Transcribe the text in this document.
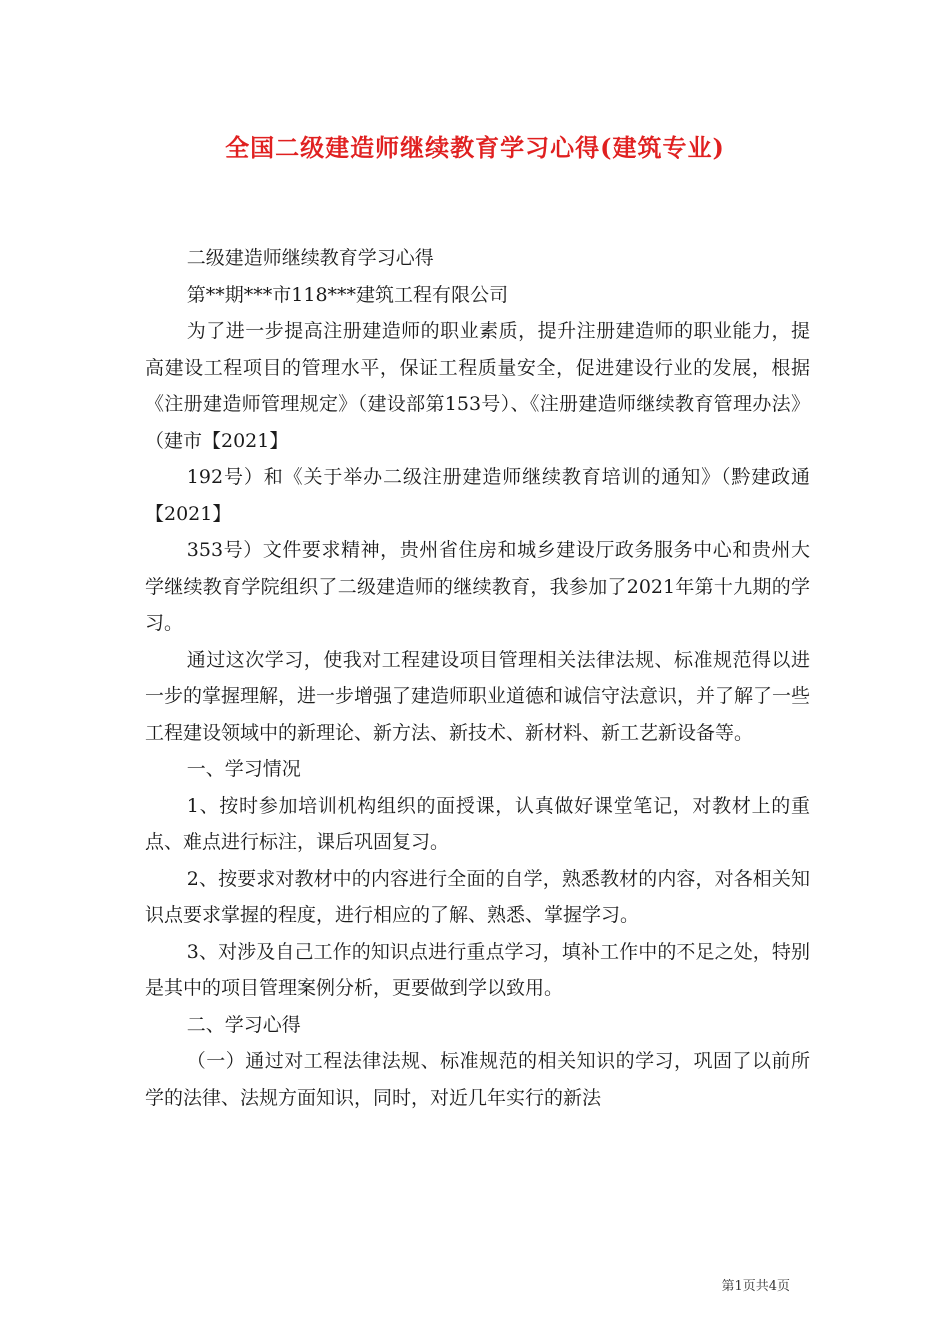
全国二级建造师继续教育学习心得(建筑专业)

二级建造师继续教育学习心得

第**期***市118***建筑工程有限公司

为了进一步提高注册建造师的职业素质，提升注册建造师的职业能力，提高建设工程项目的管理水平，保证工程质量安全，促进建设行业的发展，根据《注册建造师管理规定》（建设部第153号）、《注册建造师继续教育管理办法》（建市【2021】

192号）和《关于举办二级注册建造师继续教育培训的通知》（黔建政通【2021】

353号）文件要求精神，贵州省住房和城乡建设厅政务服务中心和贵州大学继续教育学院组织了二级建造师的继续教育，我参加了2021年第十九期的学习。

通过这次学习，使我对工程建设项目管理相关法律法规、标准规范得以进一步的掌握理解，进一步增强了建造师职业道德和诚信守法意识，并了解了一些工程建设领域中的新理论、新方法、新技术、新材料、新工艺新设备等。

一、学习情况

1、按时参加培训机构组织的面授课，认真做好课堂笔记，对教材上的重点、难点进行标注，课后巩固复习。

2、按要求对教材中的内容进行全面的自学，熟悉教材的内容，对各相关知识点要求掌握的程度，进行相应的了解、熟悉、掌握学习。

3、对涉及自己工作的知识点进行重点学习，填补工作中的不足之处，特别是其中的项目管理案例分析，更要做到学以致用。

二、学习心得

（一）通过对工程法律法规、标准规范的相关知识的学习，巩固了以前所学的法律、法规方面知识，同时，对近几年实行的新法

第1页共4页
